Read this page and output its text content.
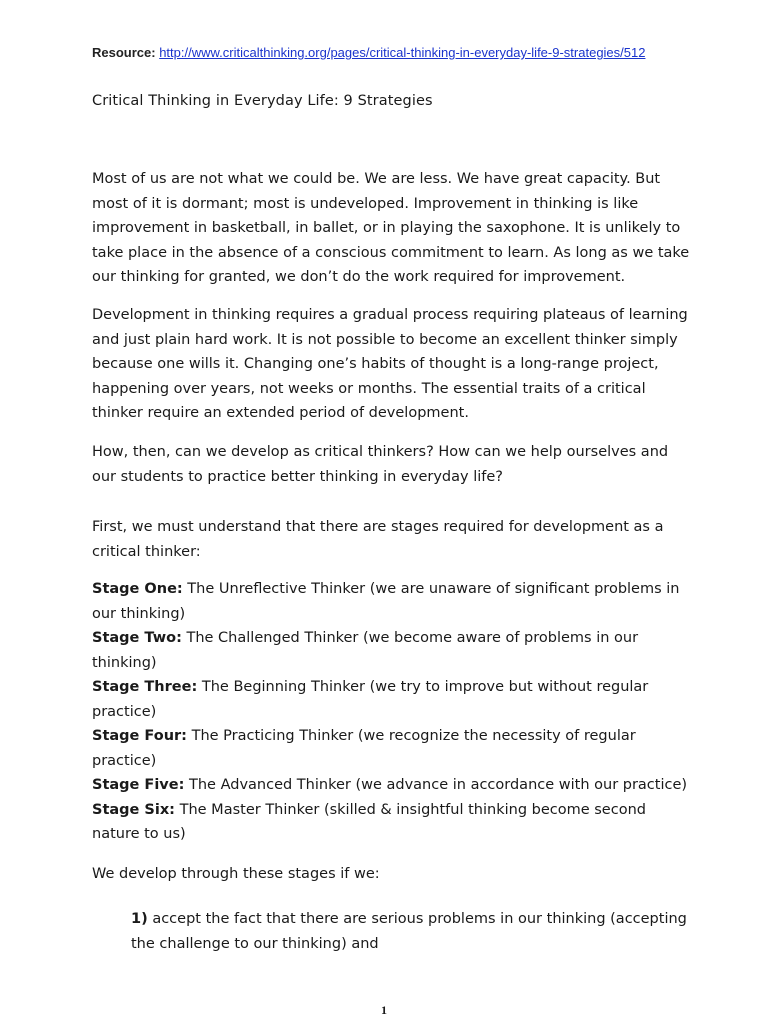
Resource: http://www.criticalthinking.org/pages/critical-thinking-in-everyday-life-9-strategies/512
Critical Thinking in Everyday Life: 9 Strategies

Most of us are not what we could be. We are less. We have great capacity. But most of it is dormant; most is undeveloped. Improvement in thinking is like improvement in basketball, in ballet, or in playing the saxophone. It is unlikely to take place in the absence of a conscious commitment to learn. As long as we take our thinking for granted, we don’t do the work required for improvement.

Development in thinking requires a gradual process requiring plateaus of learning and just plain hard work. It is not possible to become an excellent thinker simply because one wills it. Changing one’s habits of thought is a long-range project, happening over years, not weeks or months. The essential traits of a critical thinker require an extended period of development.

How, then, can we develop as critical thinkers? How can we help ourselves and our students to practice better thinking in everyday life?

First, we must understand that there are stages required for development as a critical thinker:

Stage One: The Unreflective Thinker (we are unaware of significant problems in our thinking)
Stage Two: The Challenged Thinker (we become aware of problems in our thinking)
Stage Three: The Beginning Thinker (we try to improve but without regular practice)
Stage Four: The Practicing Thinker (we recognize the necessity of regular practice)
Stage Five: The Advanced Thinker (we advance in accordance with our practice)
Stage Six: The Master Thinker (skilled & insightful thinking become second nature to us)

We develop through these stages if we:

1) accept the fact that there are serious problems in our thinking (accepting the challenge to our thinking) and
1
